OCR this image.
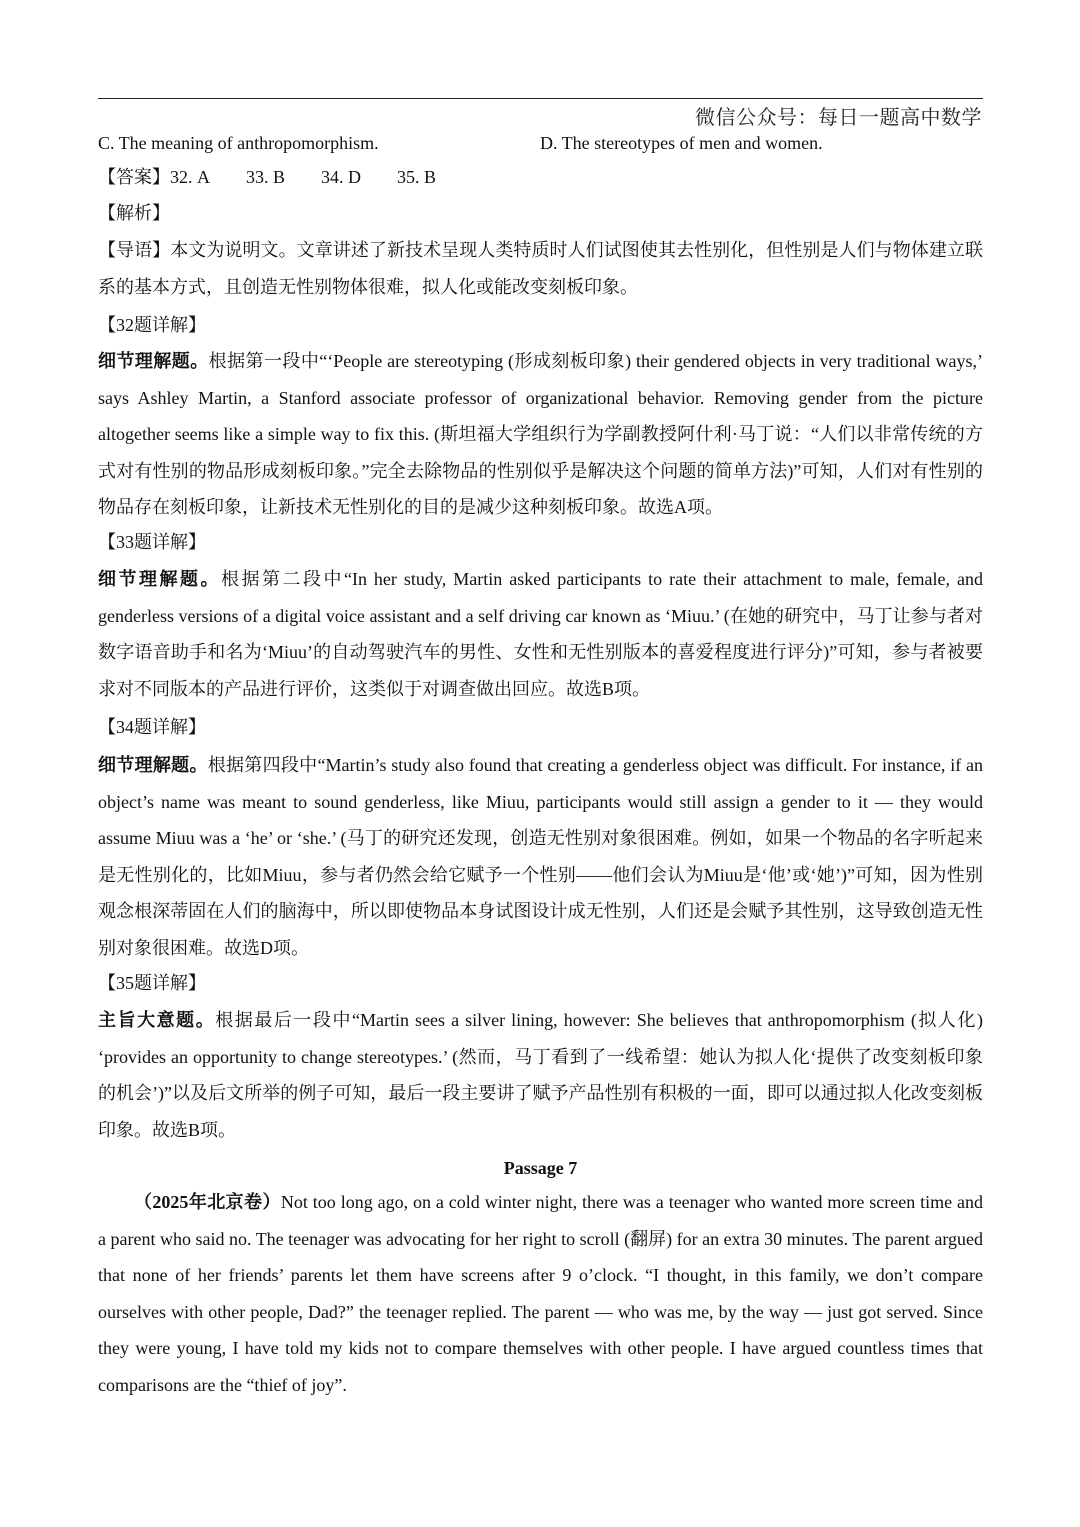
微信公众号：每日一题高中数学
C. The meaning of anthropomorphism.	D. The stereotypes of men and women.
【答案】32. A 33. B 34. D 35. B
【解析】
【导语】本文为说明文。文章讲述了新技术呈现人类特质时人们试图使其去性别化，但性别是人们与物体建立联系的基本方式，且创造无性别物体很难，拟人化或能改变刻板印象。
【32题详解】
细节理解题。根据第一段中“‘People are stereotyping (形成刻板印象) their gendered objects in very traditional ways,’ says Ashley Martin, a Stanford associate professor of organizational behavior. Removing gender from the picture altogether seems like a simple way to fix this. (斯坦福大学组织行为学副教授阿什利·马丁说：“人们以非常传统的方式对有性别的物品形成刻板印象。”完全去除物品的性别似乎是解决这个问题的简单方法)”可知，人们对有性别的物品存在刻板印象，让新技术无性别化的目的是减少这种刻板印象。故选A项。
【33题详解】
细节理解题。根据第二段中“In her study, Martin asked participants to rate their attachment to male, female, and genderless versions of a digital voice assistant and a self driving car known as ‘Miuu.’ (在她的研究中，马丁让参与者对数字语音助手和名为‘Miuu’的自动驾驶汽车的男性、女性和无性别版本的喜爱程度进行评分)”可知，参与者被要求对不同版本的产品进行评价，这类似于对调查做出回应。故选B项。
【34题详解】
细节理解题。根据第四段中“Martin’s study also found that creating a genderless object was difficult. For instance, if an object’s name was meant to sound genderless, like Miuu, participants would still assign a gender to it — they would assume Miuu was a ‘he’ or ‘she.’ (马丁的研究还发现，创造无性别对象很困难。例如，如果一个物品的名字听起来是无性别化的，比如Miuu，参与者仍然会给它赋予一个性别——他们会认为Miuu是‘他’或‘她’)”可知，因为性别观念根深蒂固在人们的脑海中，所以即使物品本身试图设计成无性别，人们还是会赋予其性别，这导致创造无性别对象很困难。故选D项。
【35题详解】
主旨大意题。根据最后一段中“Martin sees a silver lining, however: She believes that anthropomorphism (拟人化) ‘provides an opportunity to change stereotypes.’ (然而，马丁看到了一线希望：她认为拟人化‘提供了改变刻板印象的机会’)”以及后文所举的例子可知，最后一段主要讲了赋予产品性别有积极的一面，即可以通过拟人化改变刻板印象。故选B项。
Passage 7
（2025年北京卷）Not too long ago, on a cold winter night, there was a teenager who wanted more screen time and a parent who said no. The teenager was advocating for her right to scroll (翻屏) for an extra 30 minutes. The parent argued that none of her friends’ parents let them have screens after 9 o’clock. “I thought, in this family, we don’t compare ourselves with other people, Dad?” the teenager replied. The parent — who was me, by the way — just got served. Since they were young, I have told my kids not to compare themselves with other people. I have argued countless times that comparisons are the “thief of joy”.
